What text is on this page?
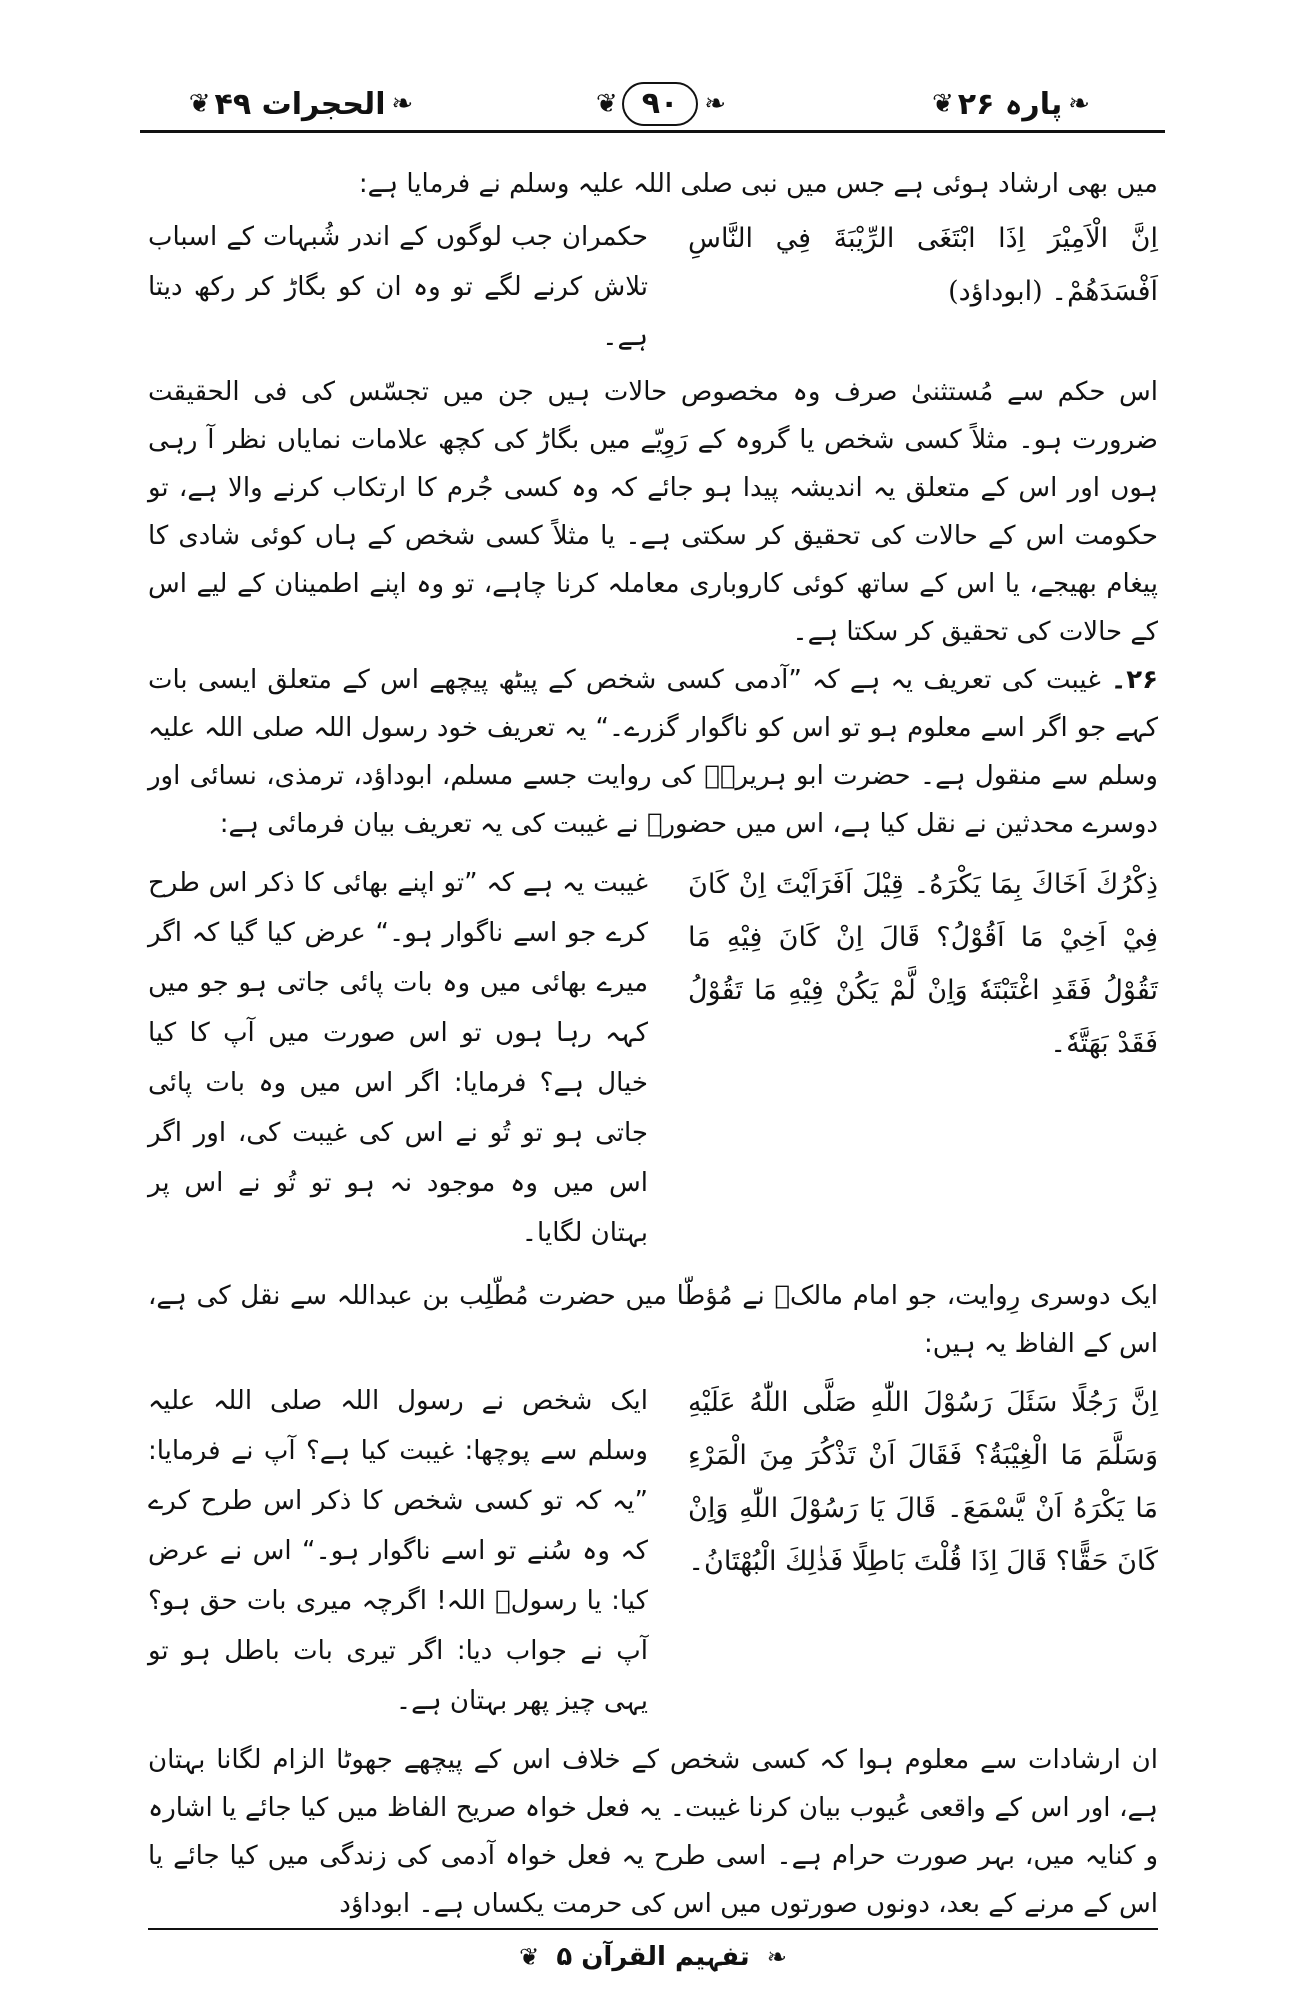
❧
پارہ ۲۶
❦
❧
۹۰
❦
❧
الحجرات ۴۹
❦

میں بھی ارشاد ہوئی ہے جس میں نبی صلی اللہ علیہ وسلم نے فرمایا ہے:

اِنَّ الْاَمِيْرَ اِذَا ابْتَغَى الرِّيْبَةَ فِي النَّاسِ اَفْسَدَهُمْ۔ (ابوداؤد)
حکمران جب لوگوں کے اندر شُبہات کے اسباب تلاش کرنے لگے تو وہ ان کو بگاڑ کر رکھ دیتا ہے۔

اس حکم سے مُستثنیٰ صرف وہ مخصوص حالات ہیں جن میں تجسّس کی فی الحقیقت ضرورت ہو۔ مثلاً کسی شخص یا گروہ کے رَوِیّے میں بگاڑ کی کچھ علامات نمایاں نظر آ رہی ہوں اور اس کے متعلق یہ اندیشہ پیدا ہو جائے کہ وہ کسی جُرم کا ارتکاب کرنے والا ہے، تو حکومت اس کے حالات کی تحقیق کر سکتی ہے۔ یا مثلاً کسی شخص کے ہاں کوئی شادی کا پیغام بھیجے، یا اس کے ساتھ کوئی کاروباری معاملہ کرنا چاہے، تو وہ اپنے اطمینان کے لیے اس کے حالات کی تحقیق کر سکتا ہے۔

۲۶۔ غیبت کی تعریف یہ ہے کہ ”آدمی کسی شخص کے پیٹھ پیچھے اس کے متعلق ایسی بات کہے جو اگر اسے معلوم ہو تو اس کو ناگوار گزرے۔“ یہ تعریف خود رسول اللہ صلی اللہ علیہ وسلم سے منقول ہے۔ حضرت ابو ہریرہؓ کی روایت جسے مسلم، ابوداؤد، ترمذی، نسائی اور دوسرے محدثین نے نقل کیا ہے، اس میں حضورؐ نے غیبت کی یہ تعریف بیان فرمائی ہے:

ذِكْرُكَ اَخَاكَ بِمَا يَكْرَهُ۔ قِيْلَ اَفَرَاَيْتَ اِنْ كَانَ فِيْ اَخِيْ مَا اَقُوْلُ؟ قَالَ اِنْ كَانَ فِيْهِ مَا تَقُوْلُ فَقَدِ اغْتَبْتَهٗ وَاِنْ لَّمْ يَكُنْ فِيْهِ مَا تَقُوْلُ فَقَدْ بَهَتَّهٗ۔
غیبت یہ ہے کہ ”تو اپنے بھائی کا ذکر اس طرح کرے جو اسے ناگوار ہو۔“ عرض کیا گیا کہ اگر میرے بھائی میں وہ بات پائی جاتی ہو جو میں کہہ رہا ہوں تو اس صورت میں آپ کا کیا خیال ہے؟ فرمایا: اگر اس میں وہ بات پائی جاتی ہو تو تُو نے اس کی غیبت کی، اور اگر اس میں وہ موجود نہ ہو تو تُو نے اس پر بہتان لگایا۔

ایک دوسری رِوایت، جو امام مالکؒ نے مُؤطّا میں حضرت مُطّلِب بن عبداللہ سے نقل کی ہے، اس کے الفاظ یہ ہیں:

اِنَّ رَجُلًا سَئَلَ رَسُوْلَ اللّٰهِ صَلَّى اللّٰهُ عَلَيْهِ وَسَلَّمَ مَا الْغِيْبَةُ؟ فَقَالَ اَنْ تَذْكُرَ مِنَ الْمَرْءِ مَا يَكْرَهُ اَنْ يَّسْمَعَ۔ قَالَ يَا رَسُوْلَ اللّٰهِ وَاِنْ كَانَ حَقًّا؟ قَالَ اِذَا قُلْتَ بَاطِلًا فَذٰلِكَ الْبُهْتَانُ۔
ایک شخص نے رسول اللہ صلی اللہ علیہ وسلم سے پوچھا: غیبت کیا ہے؟ آپ نے فرمایا: ”یہ کہ تو کسی شخص کا ذکر اس طرح کرے کہ وہ سُنے تو اسے ناگوار ہو۔“ اس نے عرض کیا: یا رسولؐ اللہ! اگرچہ میری بات حق ہو؟ آپ نے جواب دیا: اگر تیری بات باطل ہو تو یہی چیز پھر بہتان ہے۔

ان ارشادات سے معلوم ہوا کہ کسی شخص کے خلاف اس کے پیچھے جھوٹا الزام لگانا بہتان ہے، اور اس کے واقعی عُیوب بیان کرنا غیبت۔ یہ فعل خواہ صریح الفاظ میں کیا جائے یا اشارہ و کنایہ میں، بہر صورت حرام ہے۔ اسی طرح یہ فعل خواہ آدمی کی زندگی میں کیا جائے یا اس کے مرنے کے بعد، دونوں صورتوں میں اس کی حرمت یکساں ہے۔ ابوداؤد

❧ تفہیم القرآن ۵ ❦
